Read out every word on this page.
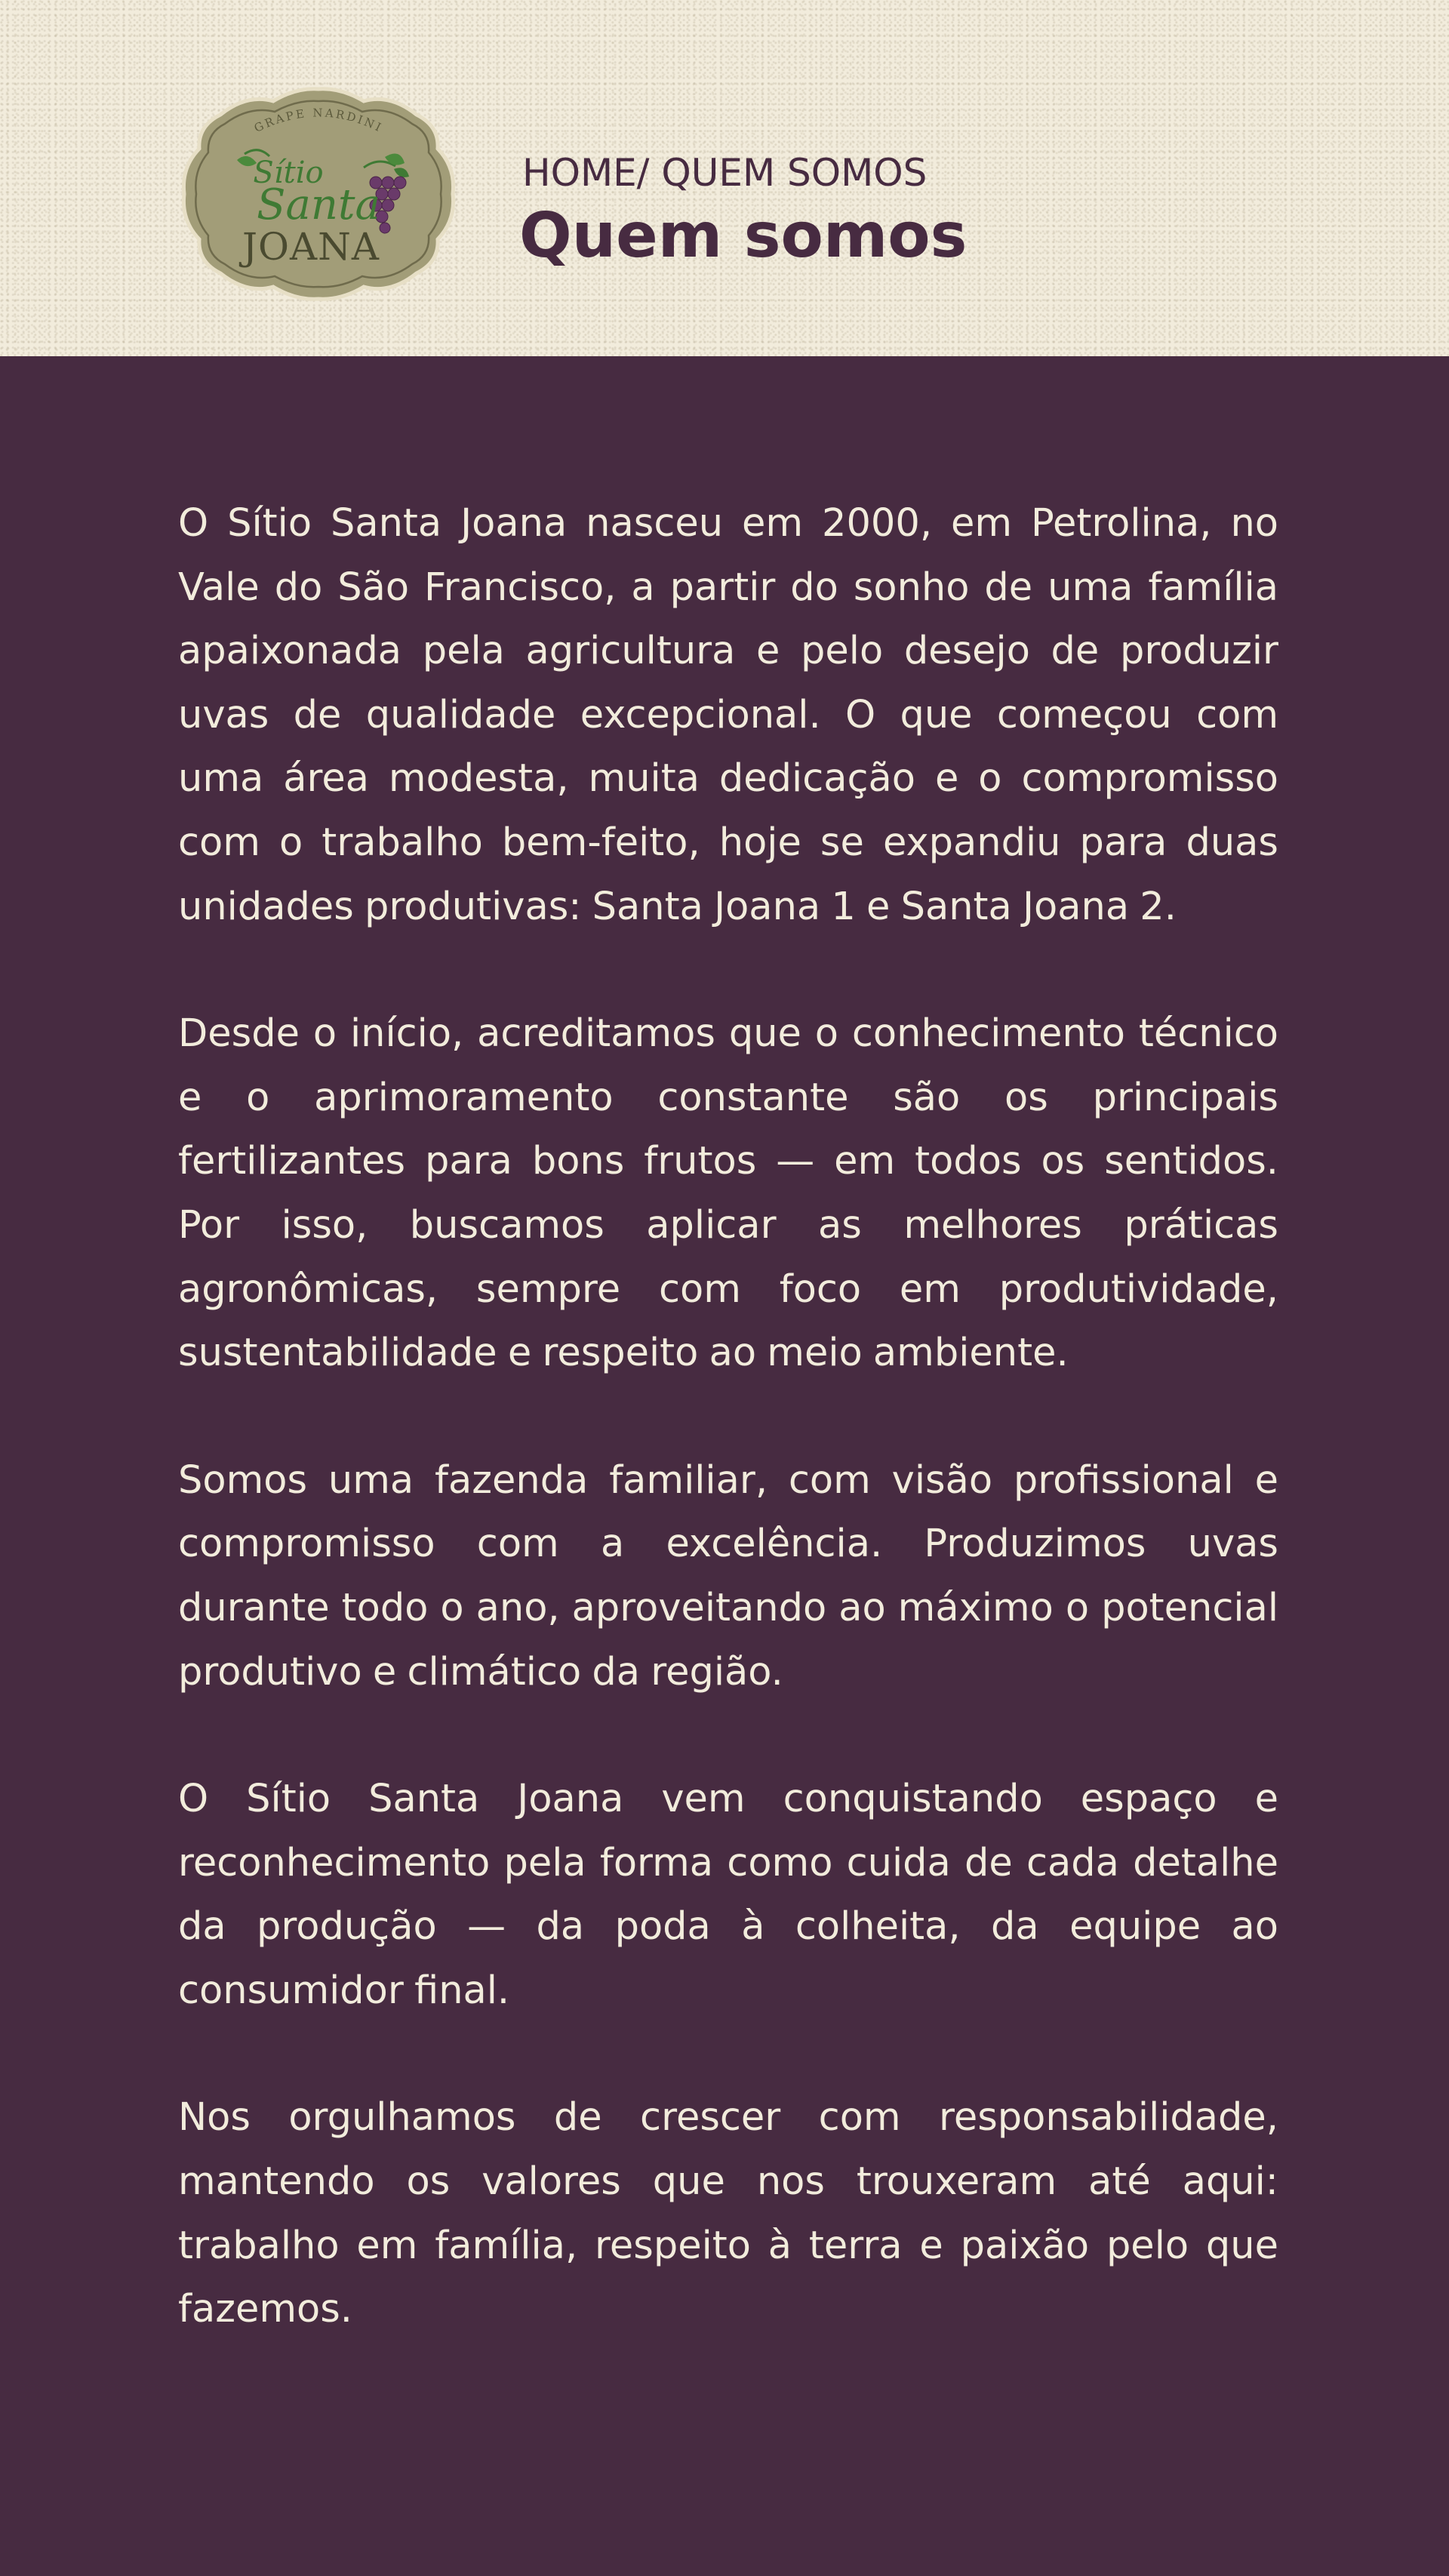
GRAPE NARDINI
Sítio
Santa
JOANA
HOME/ QUEM SOMOS
Quem somos

O Sítio Santa Joana nasceu em 2000, em Petrolina, no Vale do São Francisco, a partir do sonho de uma família apaixonada pela agricultura e pelo desejo de produzir uvas de qualidade excepcional. O que começou com uma área modesta, muita dedicação e o compromisso com o trabalho bem-feito, hoje se expandiu para duas unidades produtivas: Santa Joana 1 e Santa Joana 2.

Desde o início, acreditamos que o conhecimento técnico e o aprimoramento constante são os principais fertilizantes para bons frutos — em todos os sentidos. Por isso, buscamos aplicar as melhores práticas agronômicas, sempre com foco em produtividade, sustentabilidade e respeito ao meio ambiente.

Somos uma fazenda familiar, com visão profissional e compromisso com a excelência. Produzimos uvas durante todo o ano, aproveitando ao máximo o potencial produtivo e climático da região.

O Sítio Santa Joana vem conquistando espaço e reconhecimento pela forma como cuida de cada detalhe da produção — da poda à colheita, da equipe ao consumidor final.

Nos orgulhamos de crescer com responsabilidade, mantendo os valores que nos trouxeram até aqui: trabalho em família, respeito à terra e paixão pelo que fazemos.
